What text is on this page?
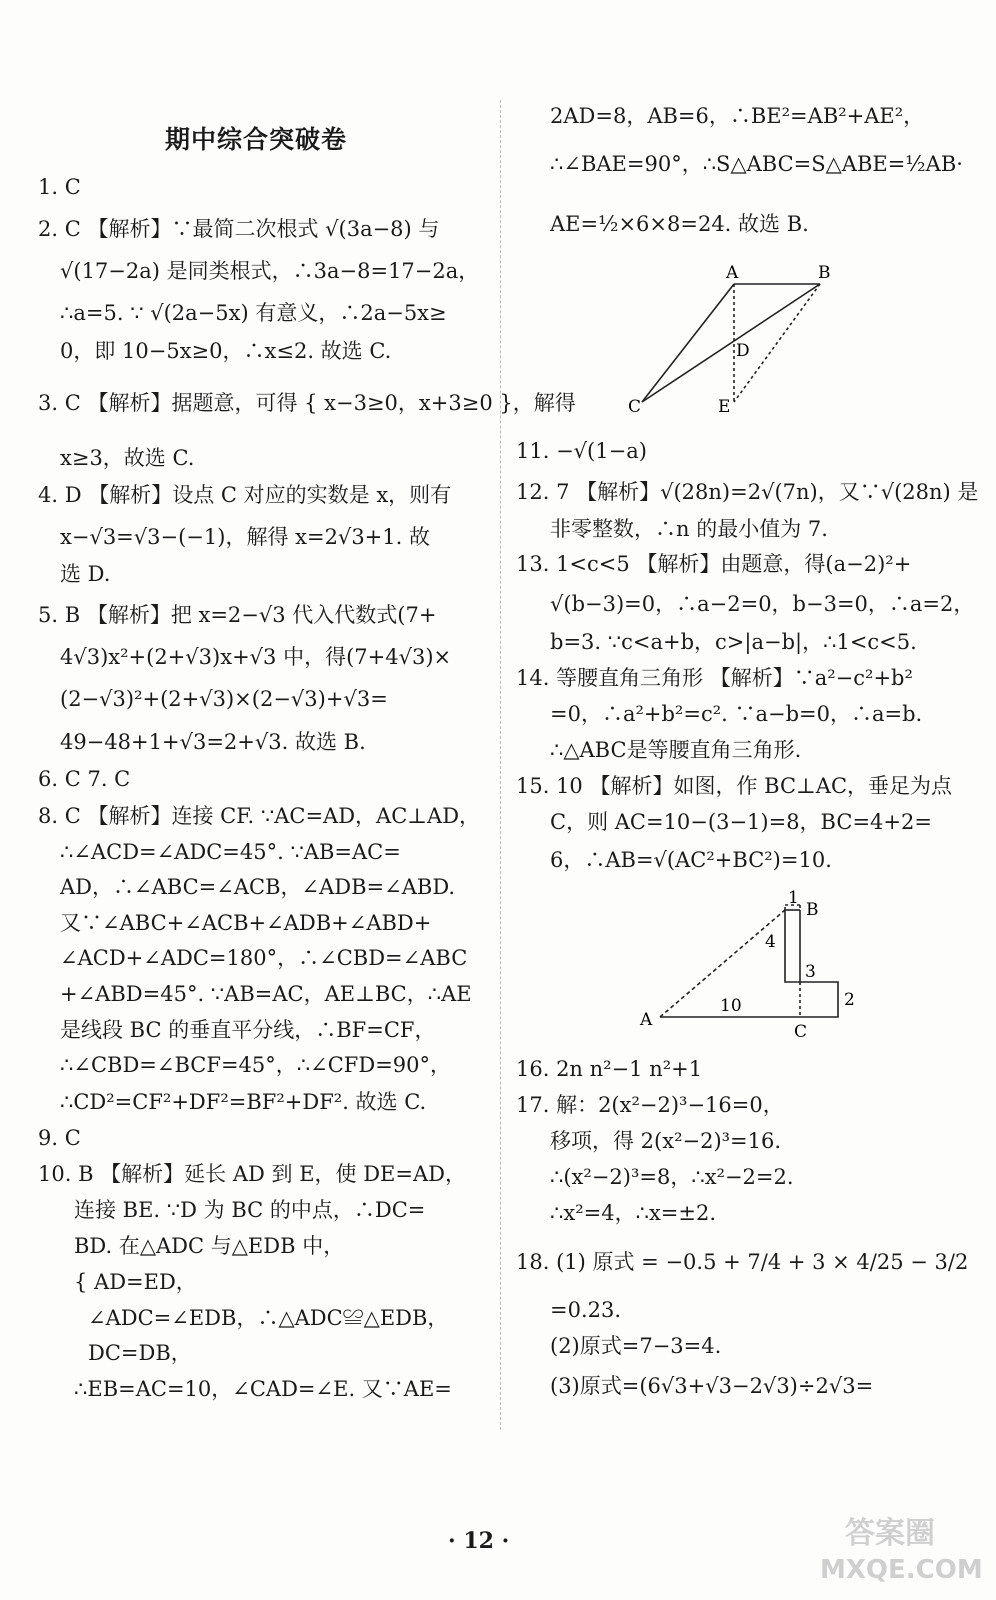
期中综合突破卷
1. C
2. C 【解析】∵最简二次根式 √(3a−8) 与
√(17−2a) 是同类根式，∴3a−8=17−2a，
∴a=5. ∵ √(2a−5x) 有意义，∴2a−5x≥
0，即 10−5x≥0，∴x≤2. 故选 C.
3. C 【解析】据题意，可得 { x−3≥0，x+3≥0 }，解得
x≥3，故选 C.
4. D 【解析】设点 C 对应的实数是 x，则有
x−√3=√3−(−1)，解得 x=2√3+1. 故
选 D.
5. B 【解析】把 x=2−√3 代入代数式(7+
4√3)x²+(2+√3)x+√3 中，得(7+4√3)×
(2−√3)²+(2+√3)×(2−√3)+√3=
49−48+1+√3=2+√3. 故选 B.
6. C 7. C
8. C 【解析】连接 CF. ∵AC=AD，AC⊥AD，
∴∠ACD=∠ADC=45°. ∵AB=AC=
AD，∴∠ABC=∠ACB，∠ADB=∠ABD.
又∵∠ABC+∠ACB+∠ADB+∠ABD+
∠ACD+∠ADC=180°，∴∠CBD=∠ABC
+∠ABD=45°. ∵AB=AC，AE⊥BC，∴AE
是线段 BC 的垂直平分线，∴BF=CF，
∴∠CBD=∠BCF=45°，∴∠CFD=90°，
∴CD²=CF²+DF²=BF²+DF². 故选 C.
9. C
10. B 【解析】延长 AD 到 E，使 DE=AD，
连接 BE. ∵D 为 BC 的中点，∴DC=
BD. 在△ADC 与△EDB 中，
{ AD=ED，
∠ADC=∠EDB，∴△ADC≌△EDB，
DC=DB，
∴EB=AC=10，∠CAD=∠E. 又∵AE=
2AD=8，AB=6，∴BE²=AB²+AE²，
∴∠BAE=90°，∴S△ABC=S△ABE=½AB·
AE=½×6×8=24. 故选 B.
11. −√(1−a)
12. 7 【解析】√(28n)=2√(7n)，又∵√(28n) 是
非零整数，∴n 的最小值为 7.
13. 1<c<5 【解析】由题意，得(a−2)²+
√(b−3)=0，∴a−2=0，b−3=0，∴a=2，
b=3. ∵c<a+b，c>|a−b|，∴1<c<5.
14. 等腰直角三角形 【解析】∵a²−c²+b²
=0，∴a²+b²=c². ∵a−b=0，∴a=b.
∴△ABC是等腰直角三角形.
15. 10 【解析】如图，作 BC⊥AC，垂足为点
C，则 AC=10−(3−1)=8，BC=4+2=
6，∴AB=√(AC²+BC²)=10.
16. 2n n²−1 n²+1
17. 解：2(x²−2)³−16=0，
移项，得 2(x²−2)³=16.
∴(x²−2)³=8，∴x²−2=2.
∴x²=4，∴x=±2.
18. (1) 原式 = −0.5 + 7/4 + 3 × 4/25 − 3/2
=0.23.
(2)原式=7−3=4.
(3)原式=(6√3+√3−2√3)÷2√3=
A	B
D
C	E
1
B
4
3
10	2
A
C
· 12 ·	答案圈
MXQE.COM
